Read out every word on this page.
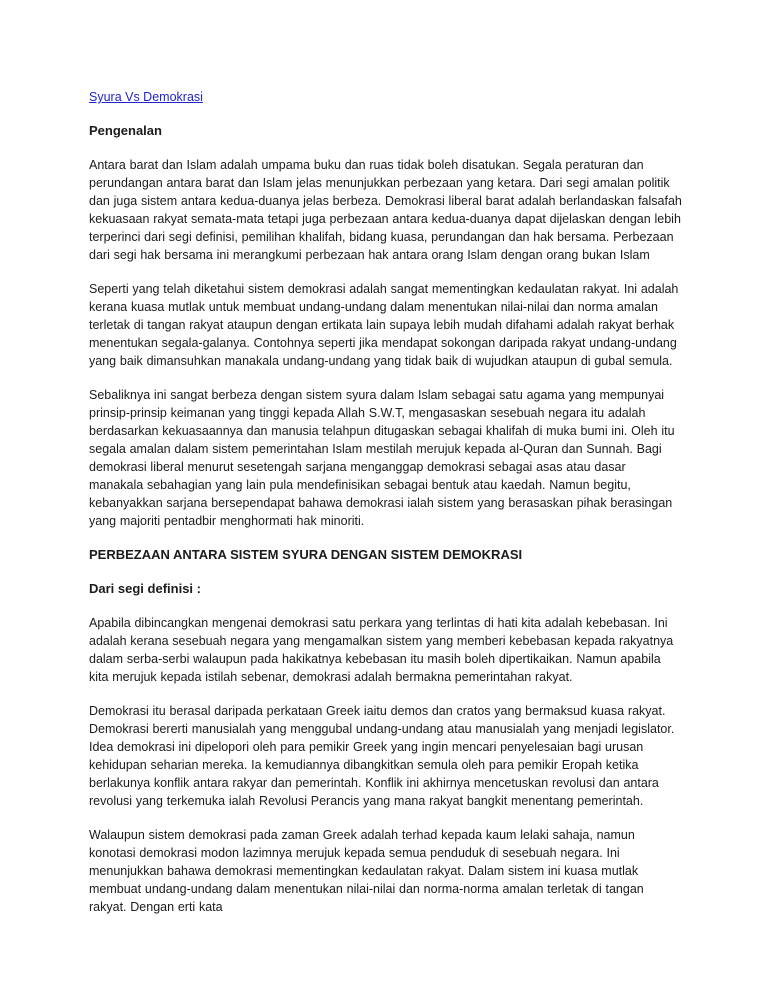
Syura Vs Demokrasi
Pengenalan

Antara barat dan Islam adalah umpama buku dan ruas tidak boleh disatukan. Segala peraturan dan perundangan antara barat dan Islam jelas menunjukkan perbezaan yang ketara. Dari segi amalan politik dan juga sistem antara kedua-duanya jelas berbeza. Demokrasi liberal barat adalah berlandaskan falsafah kekuasaan rakyat semata-mata tetapi juga perbezaan antara kedua-duanya dapat dijelaskan dengan lebih terperinci dari segi definisi, pemilihan khalifah, bidang kuasa, perundangan dan hak bersama. Perbezaan dari segi hak bersama ini merangkumi perbezaan hak antara orang Islam dengan orang bukan Islam

Seperti yang telah diketahui sistem demokrasi adalah sangat mementingkan kedaulatan rakyat. Ini adalah kerana kuasa mutlak untuk membuat undang-undang dalam menentukan nilai-nilai dan norma amalan terletak di tangan rakyat ataupun dengan ertikata lain supaya lebih mudah difahami adalah rakyat berhak menentukan segala-galanya. Contohnya seperti jika mendapat sokongan daripada rakyat undang-undang yang baik dimansuhkan manakala undang-undang yang tidak baik di wujudkan ataupun di gubal semula.

Sebaliknya ini sangat berbeza dengan sistem syura dalam Islam sebagai satu agama yang mempunyai prinsip-prinsip keimanan yang tinggi kepada Allah S.W.T, mengasaskan sesebuah negara itu adalah berdasarkan kekuasaannya dan manusia telahpun ditugaskan sebagai khalifah di muka bumi ini. Oleh itu segala amalan dalam sistem pemerintahan Islam mestilah merujuk kepada al-Quran dan Sunnah. Bagi demokrasi liberal menurut sesetengah sarjana menganggap demokrasi sebagai asas atau dasar manakala sebahagian yang lain pula mendefinisikan sebagai bentuk atau kaedah. Namun begitu, kebanyakkan sarjana bersependapat bahawa demokrasi ialah sistem yang berasaskan pihak berasingan yang majoriti pentadbir menghormati hak minoriti.

PERBEZAAN ANTARA SISTEM SYURA DENGAN SISTEM DEMOKRASI
Dari segi definisi :

Apabila dibincangkan mengenai demokrasi satu perkara yang terlintas di hati kita adalah kebebasan. Ini adalah kerana sesebuah negara yang mengamalkan sistem yang memberi kebebasan kepada rakyatnya dalam serba-serbi walaupun pada hakikatnya kebebasan itu masih boleh dipertikaikan. Namun apabila kita merujuk kepada istilah sebenar, demokrasi adalah bermakna pemerintahan rakyat.

Demokrasi itu berasal daripada perkataan Greek iaitu demos dan cratos yang bermaksud kuasa rakyat. Demokrasi bererti manusialah yang menggubal undang-undang atau manusialah yang menjadi legislator. Idea demokrasi ini dipelopori oleh para pemikir Greek yang ingin mencari penyelesaian bagi urusan kehidupan seharian mereka. Ia kemudiannya dibangkitkan semula oleh para pemikir Eropah ketika berlakunya konflik antara rakyar dan pemerintah. Konflik ini akhirnya mencetuskan revolusi dan antara revolusi yang terkemuka ialah Revolusi Perancis yang mana rakyat bangkit menentang pemerintah.

Walaupun sistem demokrasi pada zaman Greek adalah terhad kepada kaum lelaki sahaja, namun konotasi demokrasi modon lazimnya merujuk kepada semua penduduk di sesebuah negara. Ini menunjukkan bahawa demokrasi mementingkan kedaulatan rakyat. Dalam sistem ini kuasa mutlak membuat undang-undang dalam menentukan nilai-nilai dan norma-norma amalan terletak di tangan rakyat. Dengan erti kata
